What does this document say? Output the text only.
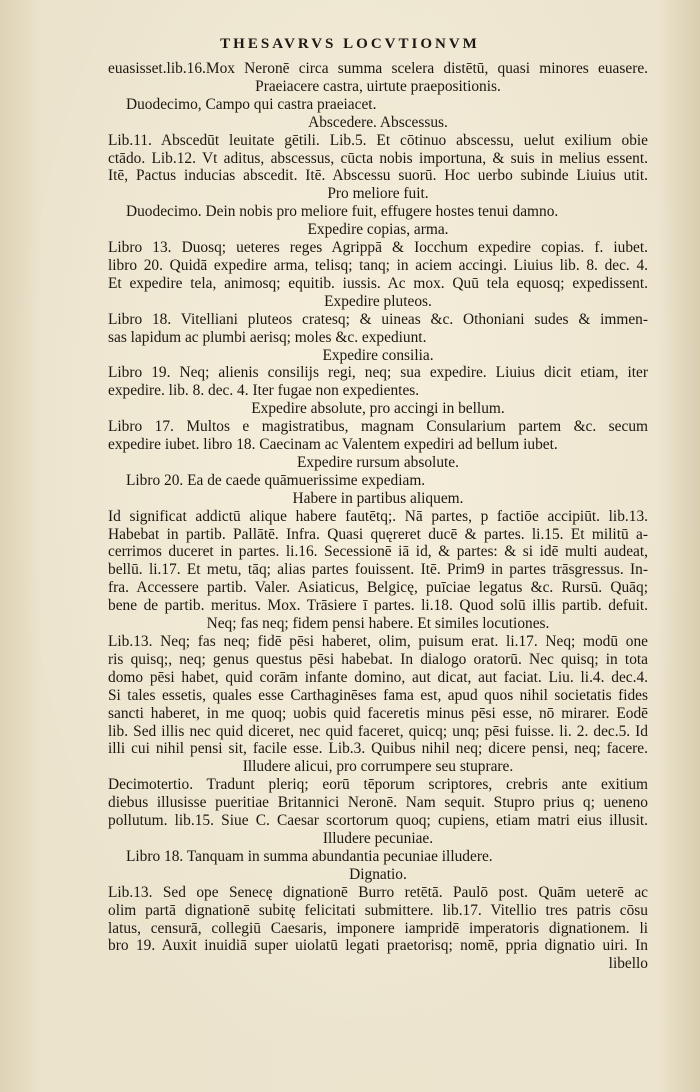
THESAVRVS LOCVTIONVM
euasisset.lib.16.Mox Neronē circa summa scelera distētū, quasi minores euasere.
Praeiacere castra, uirtute praepositionis.
Duodecimo, Campo qui castra praeiacet.
Abscedere. Abscessus.
Lib.11. Abscedūt leuitate gētili. Lib.5. Et cōtinuo abscessu, uelut exilium obie
ctādo. Lib.12. Vt aditus, abscessus, cūcta nobis importuna, & suis in melius essent.
Itē, Pactus inducias abscedit. Itē. Abscessu suorū. Hoc uerbo subinde Liuius utit.
Pro meliore fuit.
Duodecimo. Dein nobis pro meliore fuit, effugere hostes tenui damno.
Expedire copias, arma.
Libro 13. Duosq; ueteres reges Agrippā & Iocchum expedire copias. f. iubet.
libro 20. Quidā expedire arma, telisq; tanq; in aciem accingi. Liuius lib. 8. dec. 4.
Et expedire tela, animosq; equitib. iussis. Ac mox. Quū tela equosq; expedissent.
Expedire pluteos.
Libro 18. Vitelliani pluteos cratesq; & uineas &c. Othoniani sudes & immen-
sas lapidum ac plumbi aerisq; moles &c. expediunt.
Expedire consilia.
Libro 19. Neq; alienis consilijs regi, neq; sua expedire. Liuius dicit etiam, iter
expedire. lib. 8. dec. 4. Iter fugae non expedientes.
Expedire absolute, pro accingi in bellum.
Libro 17. Multos e magistratibus, magnam Consularium partem &c. secum
expedire iubet. libro 18. Caecinam ac Valentem expediri ad bellum iubet.
Expedire rursum absolute.
Libro 20. Ea de caede quāmuerissime expediam.
Habere in partibus aliquem.
Id significat addictū alique habere fautētq;. Nā partes, p factiōe accipiūt. lib.13.
Habebat in partib. Pallātē. Infra. Quasi quęreret ducē & partes. li.15. Et militū a-
cerrimos duceret in partes. li.16. Secessionē iā id, & partes: & si idē multi audeat,
bellū. li.17. Et metu, tāq; alias partes fouissent. Itē. Prim9 in partes trāsgressus. In-
fra. Accessere partib. Valer. Asiaticus, Belgicę, puīciae legatus &c. Rursū. Quāq;
bene de partib. meritus. Mox. Trāsiere ī partes. li.18. Quod solū illis partib. defuit.
Neq; fas neq; fidem pensi habere. Et similes locutiones.
Lib.13. Neq; fas neq; fidē pēsi haberet, olim, puisum erat. li.17. Neq; modū one
ris quisq;, neq; genus questus pēsi habebat. In dialogo oratorū. Nec quisq; in tota
domo pēsi habet, quid corām infante domino, aut dicat, aut faciat. Liu. li.4. dec.4.
Si tales essetis, quales esse Carthaginēses fama est, apud quos nihil societatis fides
sancti haberet, in me quoq; uobis quid faceretis minus pēsi esse, nō mirarer. Eodē
lib. Sed illis nec quid diceret, nec quid faceret, quicq; unq; pēsi fuisse. li. 2. dec.5. Id
illi cui nihil pensi sit, facile esse. Lib.3. Quibus nihil neq; dicere pensi, neq; facere.
Illudere alicui, pro corrumpere seu stuprare.
Decimotertio. Tradunt pleriq; eorū tēporum scriptores, crebris ante exitium
diebus illusisse pueritiae Britannici Neronē. Nam sequit. Stupro prius q; ueneno
pollutum. lib.15. Siue C. Caesar scortorum quoq; cupiens, etiam matri eius illusit.
Illudere pecuniae.
Libro 18. Tanquam in summa abundantia pecuniae illudere.
Dignatio.
Lib.13. Sed ope Senecę dignationē Burro retētā. Paulō post. Quām ueterē ac
olim partā dignationē subitę felicitati submittere. lib.17. Vitellio tres patris cōsu
latus, censurā, collegiū Caesaris, imponere iampridē imperatoris dignationem. li
bro 19. Auxit inuidiā super uiolatū legati praetorisq; nomē, ppria dignatio uiri. In
libello
